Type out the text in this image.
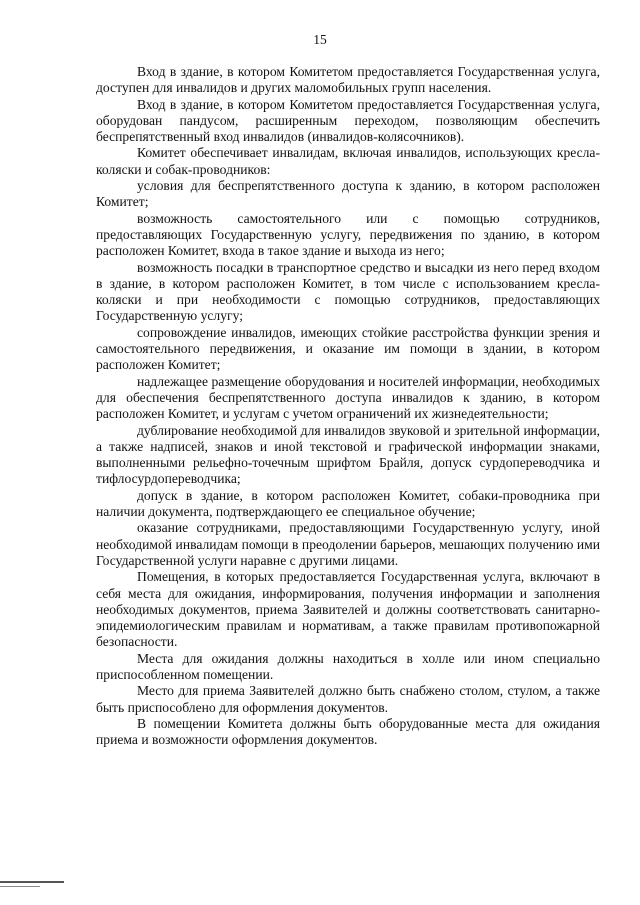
15

Вход в здание, в котором Комитетом предоставляется Государственная услуга, доступен для инвалидов и других маломобильных групп населения.

Вход в здание, в котором Комитетом предоставляется Государственная услуга, оборудован пандусом, расширенным переходом, позволяющим обеспечить беспрепятственный вход инвалидов (инвалидов-колясочников).

Комитет обеспечивает инвалидам, включая инвалидов, использующих кресла-коляски и собак-проводников:

условия для беспрепятственного доступа к зданию, в котором расположен Комитет;

возможность самостоятельного или с помощью сотрудников, предоставляющих Государственную услугу, передвижения по зданию, в котором расположен Комитет, входа в такое здание и выхода из него;

возможность посадки в транспортное средство и высадки из него перед входом в здание, в котором расположен Комитет, в том числе с использованием кресла-коляски и при необходимости с помощью сотрудников, предоставляющих Государственную услугу;

сопровождение инвалидов, имеющих стойкие расстройства функции зрения и самостоятельного передвижения, и оказание им помощи в здании, в котором расположен Комитет;

надлежащее размещение оборудования и носителей информации, необходимых для обеспечения беспрепятственного доступа инвалидов к зданию, в котором расположен Комитет, и услугам с учетом ограничений их жизнедеятельности;

дублирование необходимой для инвалидов звуковой и зрительной информации, а также надписей, знаков и иной текстовой и графической информации знаками, выполненными рельефно-точечным шрифтом Брайля, допуск сурдопереводчика и тифлосурдопереводчика;

допуск в здание, в котором расположен Комитет, собаки-проводника при наличии документа, подтверждающего ее специальное обучение;

оказание сотрудниками, предоставляющими Государственную услугу, иной необходимой инвалидам помощи в преодолении барьеров, мешающих получению ими Государственной услуги наравне с другими лицами.

Помещения, в которых предоставляется Государственная услуга, включают в себя места для ожидания, информирования, получения информации и заполнения необходимых документов, приема Заявителей и должны соответствовать санитарно-эпидемиологическим правилам и нормативам, а также правилам противопожарной безопасности.

Места для ожидания должны находиться в холле или ином специально приспособленном помещении.

Место для приема Заявителей должно быть снабжено столом, стулом, а также быть приспособлено для оформления документов.

В помещении Комитета должны быть оборудованные места для ожидания приема и возможности оформления документов.
